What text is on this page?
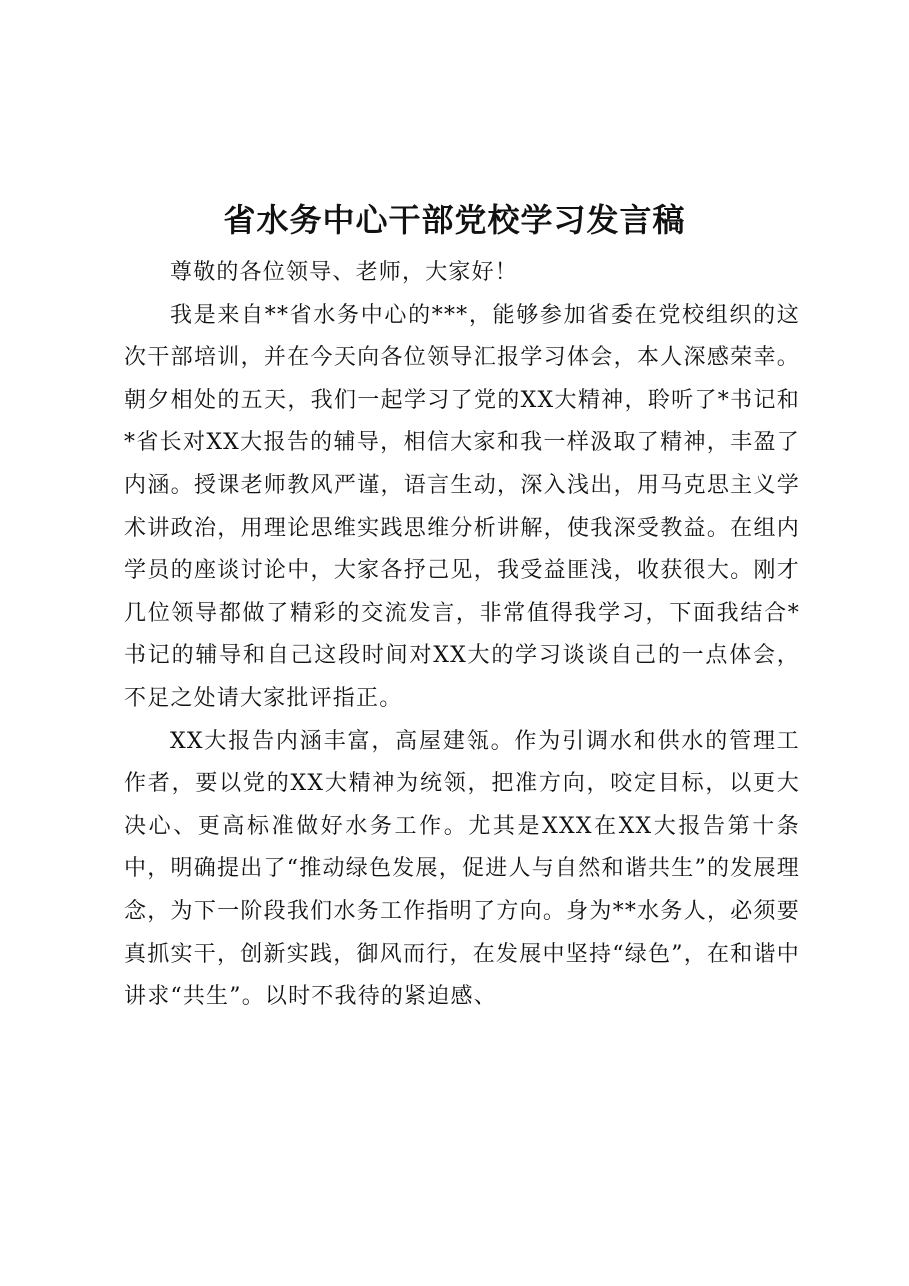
省水务中心干部党校学习发言稿

尊敬的各位领导、老师，大家好！

我是来自**省水务中心的***，能够参加省委在党校组织的这次干部培训，并在今天向各位领导汇报学习体会，本人深感荣幸。朝夕相处的五天，我们一起学习了党的XX大精神，聆听了*书记和*省长对XX大报告的辅导，相信大家和我一样汲取了精神，丰盈了内涵。授课老师教风严谨，语言生动，深入浅出，用马克思主义学术讲政治，用理论思维实践思维分析讲解，使我深受教益。在组内学员的座谈讨论中，大家各抒己见，我受益匪浅，收获很大。刚才几位领导都做了精彩的交流发言，非常值得我学习，下面我结合*书记的辅导和自己这段时间对XX大的学习谈谈自己的一点体会，不足之处请大家批评指正。

XX大报告内涵丰富，高屋建瓴。作为引调水和供水的管理工作者，要以党的XX大精神为统领，把准方向，咬定目标，以更大决心、更高标准做好水务工作。尤其是XXX在XX大报告第十条中，明确提出了“推动绿色发展，促进人与自然和谐共生”的发展理念，为下一阶段我们水务工作指明了方向。身为**水务人，必须要真抓实干，创新实践，御风而行，在发展中坚持“绿色”，在和谐中讲求“共生”。以时不我待的紧迫感、
